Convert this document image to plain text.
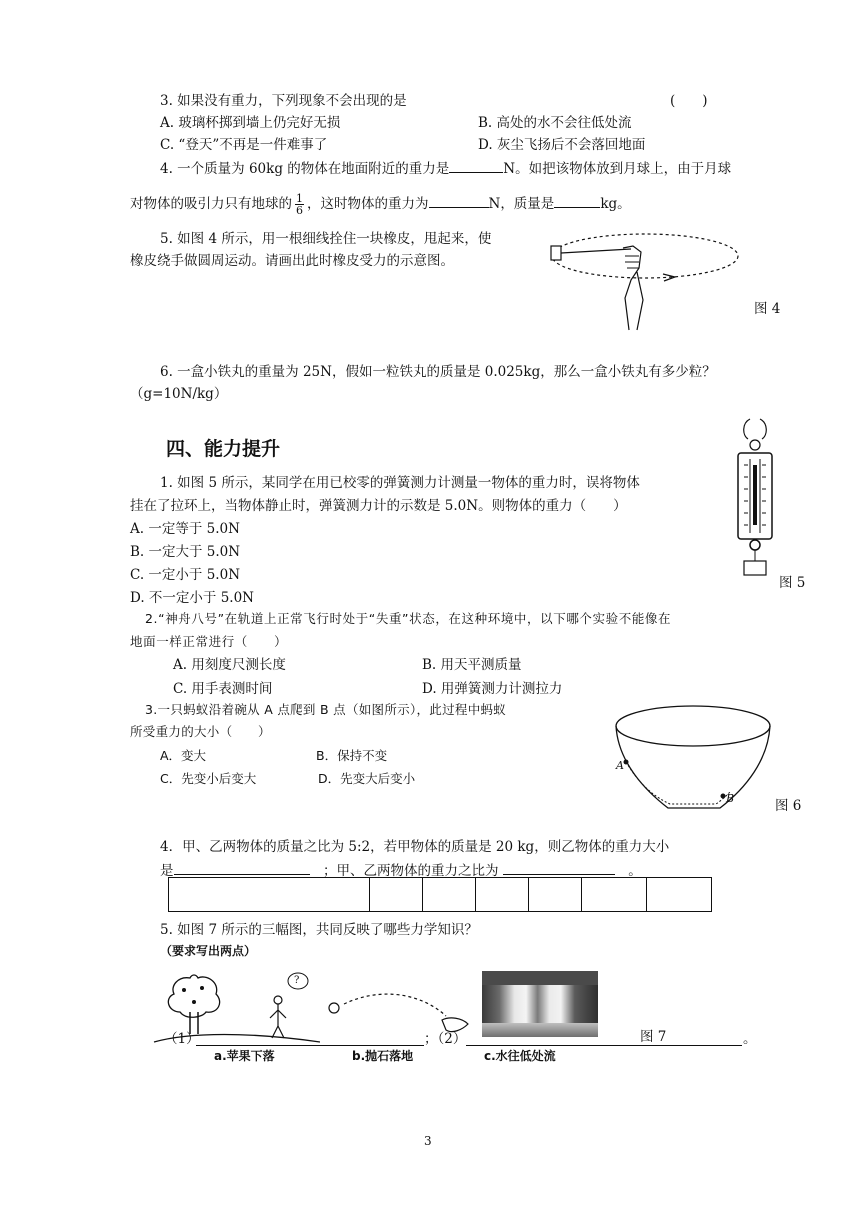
3. 如果没有重力，下列现象不会出现的是	(　　)
A. 玻璃杯掷到墙上仍完好无损	B. 高处的水不会往低处流
C. “登天”不再是一件难事了	D. 灰尘飞扬后不会落回地面
4. 一个质量为 60kg 的物体在地面附近的重力是	N。如把该物体放到月球上，由于月球
对物体的吸引力只有地球的 $\frac{1}{6}$ ，这时物体的重力为	N，质量是	kg。
5. 如图 4 所示，用一根细线拴住一块橡皮，甩起来，使
橡皮绕手做圆周运动。请画出此时橡皮受力的示意图。
图 4
6. 一盒小铁丸的重量为 25N，假如一粒铁丸的质量是 0.025kg，那么一盒小铁丸有多少粒？
（g=10N/kg）
四、能力提升
1. 如图 5 所示，某同学在用已校零的弹簧测力计测量一物体的重力时，误将物体
挂在了拉环上，当物体静止时，弹簧测力计的示数是 5.0N。则物体的重力（　　）
A. 一定等于 5.0N
B. 一定大于 5.0N
C. 一定小于 5.0N
D. 不一定小于 5.0N
图 5
2.“神舟八号”在轨道上正常飞行时处于“失重”状态，在这种环境中，以下哪个实验不能像在
地面一样正常进行（　　）
A. 用刻度尺测长度	B. 用天平测质量
C. 用手表测时间	D. 用弹簧测力计测拉力
3.一只蚂蚁沿着碗从 A 点爬到 B 点（如图所示），此过程中蚂蚁
所受重力的大小（　　）
A．变大	B．保持不变
C．先变小后变大	D．先变大后变小
A
B	图 6
4．甲、乙两物体的质量之比为 5:2，若甲物体的质量是 20 kg，则乙物体的重力大小
是　	；甲、乙两物体的重力之比为 　	。

5. 如图 7 所示的三幅图，共同反映了哪些力学知识？
（要求写出两点）
?
（1）	；（2）	。
图 7
a.苹果下落	b.抛石落地	c.水往低处流
3
